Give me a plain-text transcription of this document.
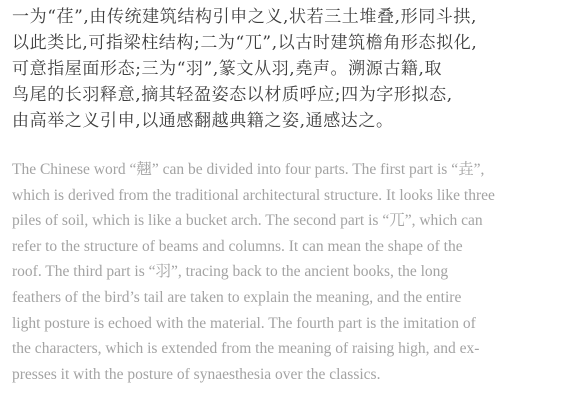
一为“荏”,由传统建筑结构引申之义,状若三土堆叠,形同斗拱,
以此类比,可指梁柱结构;二为“兀”,以古时建筑檐角形态拟化,
可意指屋面形态;三为“羽”,篆文从羽,堯声。溯源古籍,取
鸟尾的长羽释意,摘其轻盈姿态以材质呼应;四为字形拟态,
由高举之义引申,以通感翻越典籍之姿,通感达之。
The Chinese word “翹” can be divided into four parts. The first part is “垚”,
which is derived from the traditional architectural structure. It looks like three
piles of soil, which is like a bucket arch. The second part is “兀”, which can
refer to the structure of beams and columns. It can mean the shape of the
roof. The third part is “羽”, tracing back to the ancient books, the long
feathers of the bird’s tail are taken to explain the meaning, and the entire
light posture is echoed with the material. The fourth part is the imitation of
the characters, which is extended from the meaning of raising high, and ex-
presses it with the posture of synaesthesia over the classics.
